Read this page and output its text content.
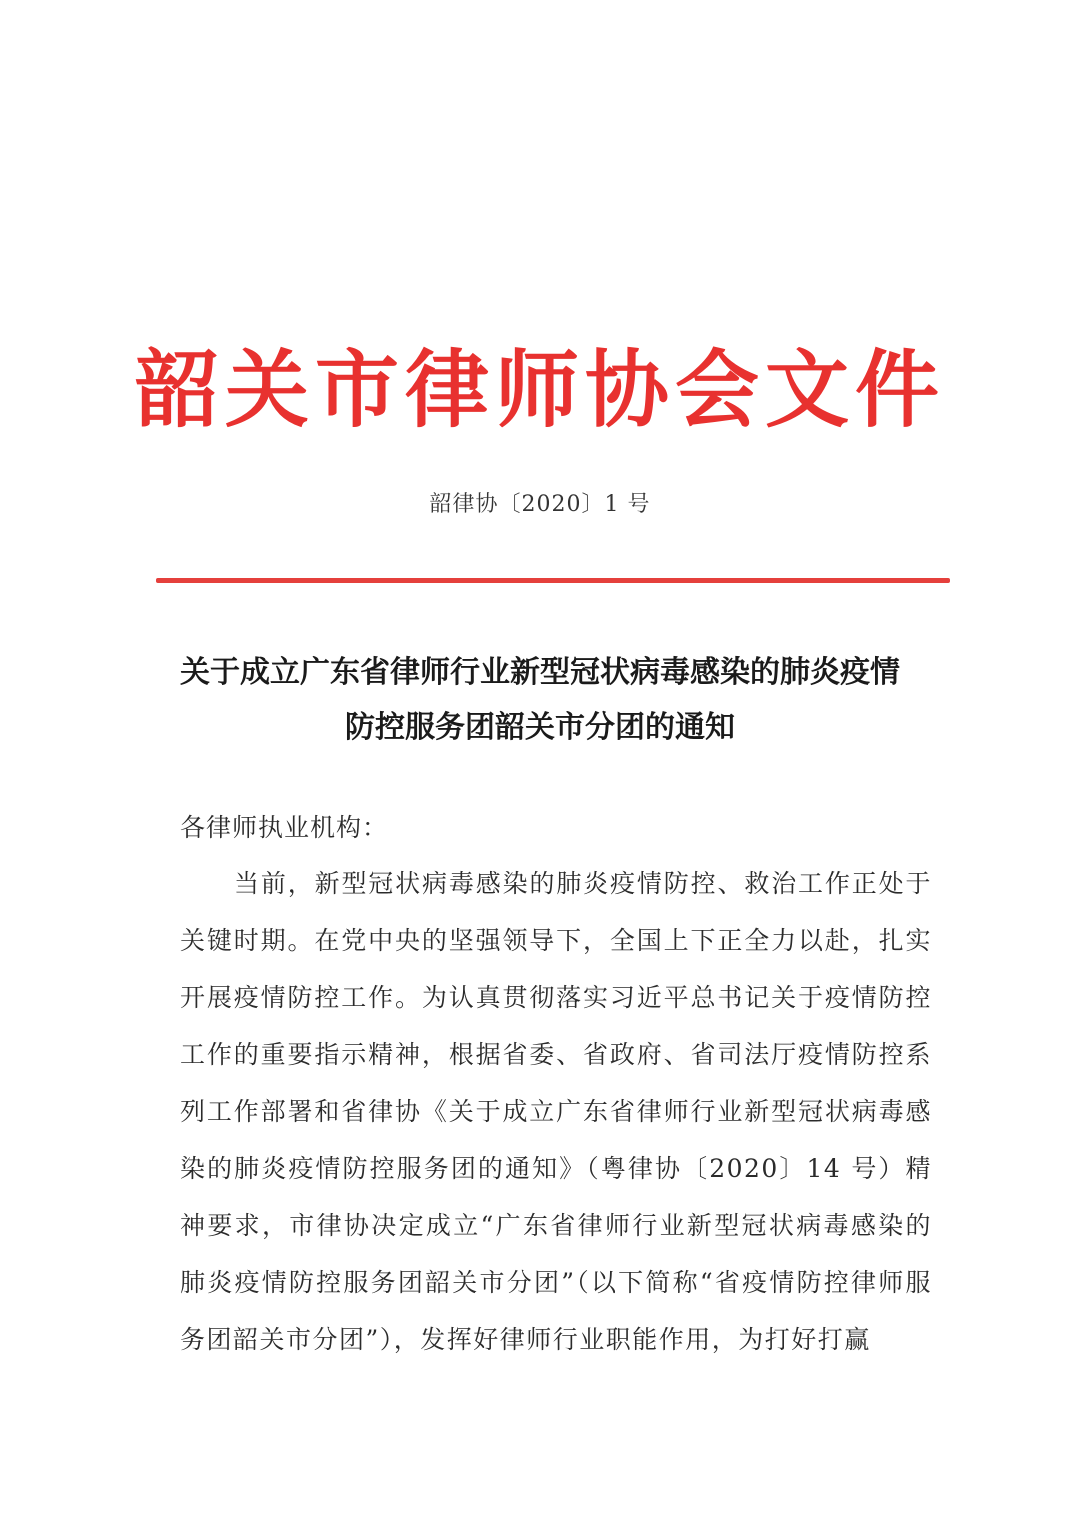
韶关市律师协会文件
韶律协〔2020〕1 号
关于成立广东省律师行业新型冠状病毒感染的肺炎疫情
防控服务团韶关市分团的通知
各律师执业机构：

当前，新型冠状病毒感染的肺炎疫情防控、救治工作正处于关键时期。在党中央的坚强领导下，全国上下正全力以赴，扎实开展疫情防控工作。为认真贯彻落实习近平总书记关于疫情防控工作的重要指示精神，根据省委、省政府、省司法厅疫情防控系列工作部署和省律协《关于成立广东省律师行业新型冠状病毒感染的肺炎疫情防控服务团的通知》（粤律协〔2020〕14 号）精神要求，市律协决定成立“广东省律师行业新型冠状病毒感染的肺炎疫情防控服务团韶关市分团”（以下简称“省疫情防控律师服务团韶关市分团”），发挥好律师行业职能作用，为打好打赢
